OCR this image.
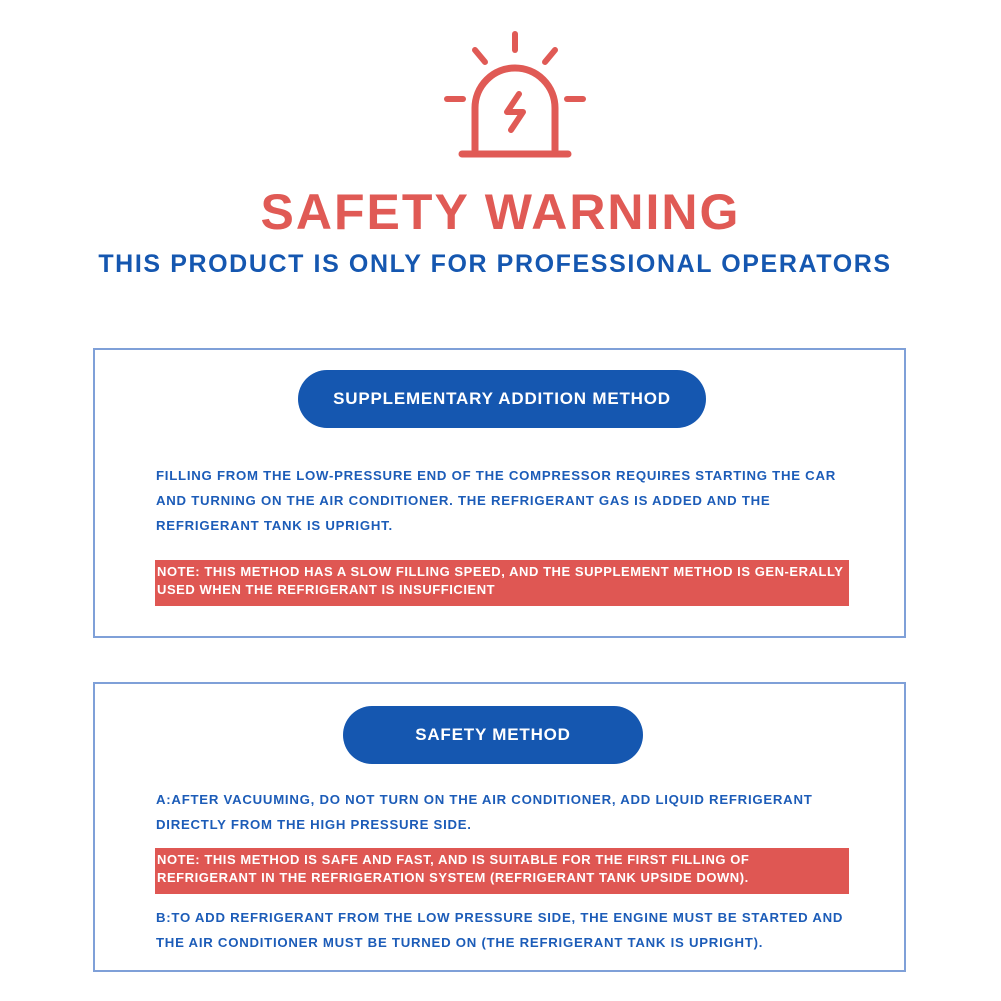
SAFETY WARNING
THIS PRODUCT IS ONLY FOR PROFESSIONAL OPERATORS
SUPPLEMENTARY ADDITION METHOD
FILLING FROM THE LOW-PRESSURE END OF THE COMPRESSOR REQUIRES STARTING THE CAR AND TURNING ON THE AIR CONDITIONER. THE REFRIGERANT GAS IS ADDED AND THE REFRIGERANT TANK IS UPRIGHT.
NOTE: THIS METHOD HAS A SLOW FILLING SPEED, AND THE SUPPLEMENT METHOD IS GEN-ERALLY USED WHEN THE REFRIGERANT IS INSUFFICIENT
SAFETY METHOD
A:AFTER VACUUMING, DO NOT TURN ON THE AIR CONDITIONER, ADD LIQUID REFRIGERANT DIRECTLY FROM THE HIGH PRESSURE SIDE.
NOTE: THIS METHOD IS SAFE AND FAST, AND IS SUITABLE FOR THE FIRST FILLING OF REFRIGERANT IN THE REFRIGERATION SYSTEM (REFRIGERANT TANK UPSIDE DOWN).
B:TO ADD REFRIGERANT FROM THE LOW PRESSURE SIDE, THE ENGINE MUST BE STARTED AND THE AIR CONDITIONER MUST BE TURNED ON (THE REFRIGERANT TANK IS UPRIGHT).
